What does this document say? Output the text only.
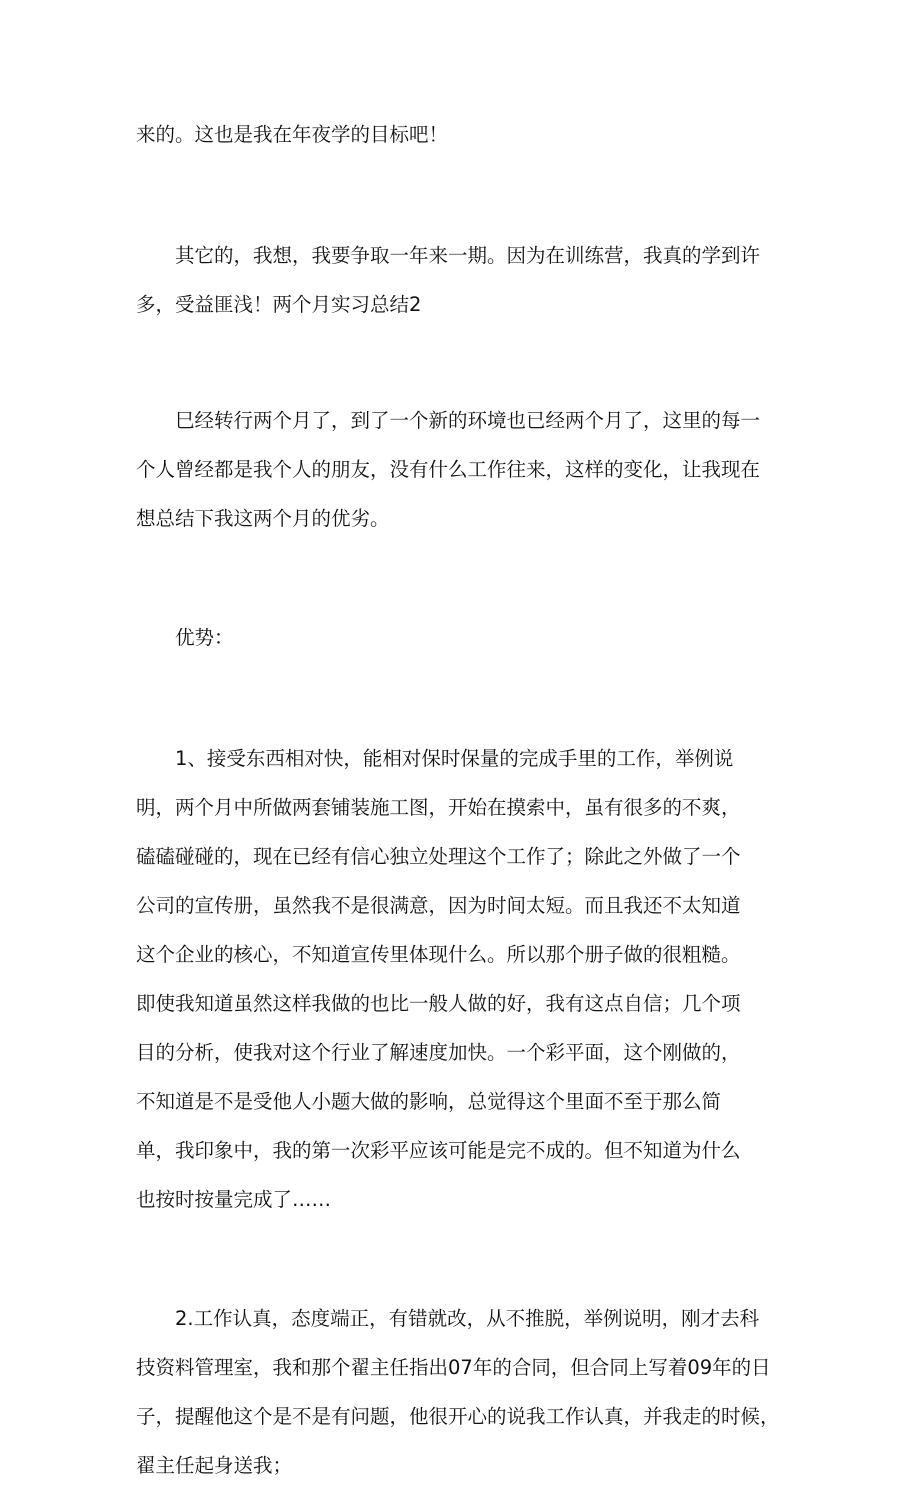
来的。这也是我在年夜学的目标吧！

其它的，我想，我要争取一年来一期。因为在训练营，我真的学到许
多，受益匪浅！两个月实习总结2

巳经转行两个月了，到了一个新的环境也已经两个月了，这里的每一
个人曾经都是我个人的朋友，没有什么工作往来，这样的变化，让我现在
想总结下我这两个月的优劣。

优势：

1、接受东西相对快，能相对保时保量的完成手里的工作，举例说
明，两个月中所做两套铺装施工图，开始在摸索中，虽有很多的不爽，
磕磕碰碰的，现在已经有信心独立处理这个工作了；除此之外做了一个
公司的宣传册，虽然我不是很满意，因为时间太短。而且我还不太知道
这个企业的核心，不知道宣传里体现什么。所以那个册子做的很粗糙。
即使我知道虽然这样我做的也比一般人做的好，我有这点自信；几个项
目的分析，使我对这个行业了解速度加快。一个彩平面，这个刚做的，
不知道是不是受他人小题大做的影响，总觉得这个里面不至于那么简
单，我印象中，我的第一次彩平应该可能是完不成的。但不知道为什么
也按时按量完成了……

2.工作认真，态度端正，有错就改，从不推脱，举例说明，刚才去科
技资料管理室，我和那个翟主任指出07年的合同，但合同上写着09年的日
子，提醒他这个是不是有问题，他很开心的说我工作认真，并我走的时候，
翟主任起身送我；
